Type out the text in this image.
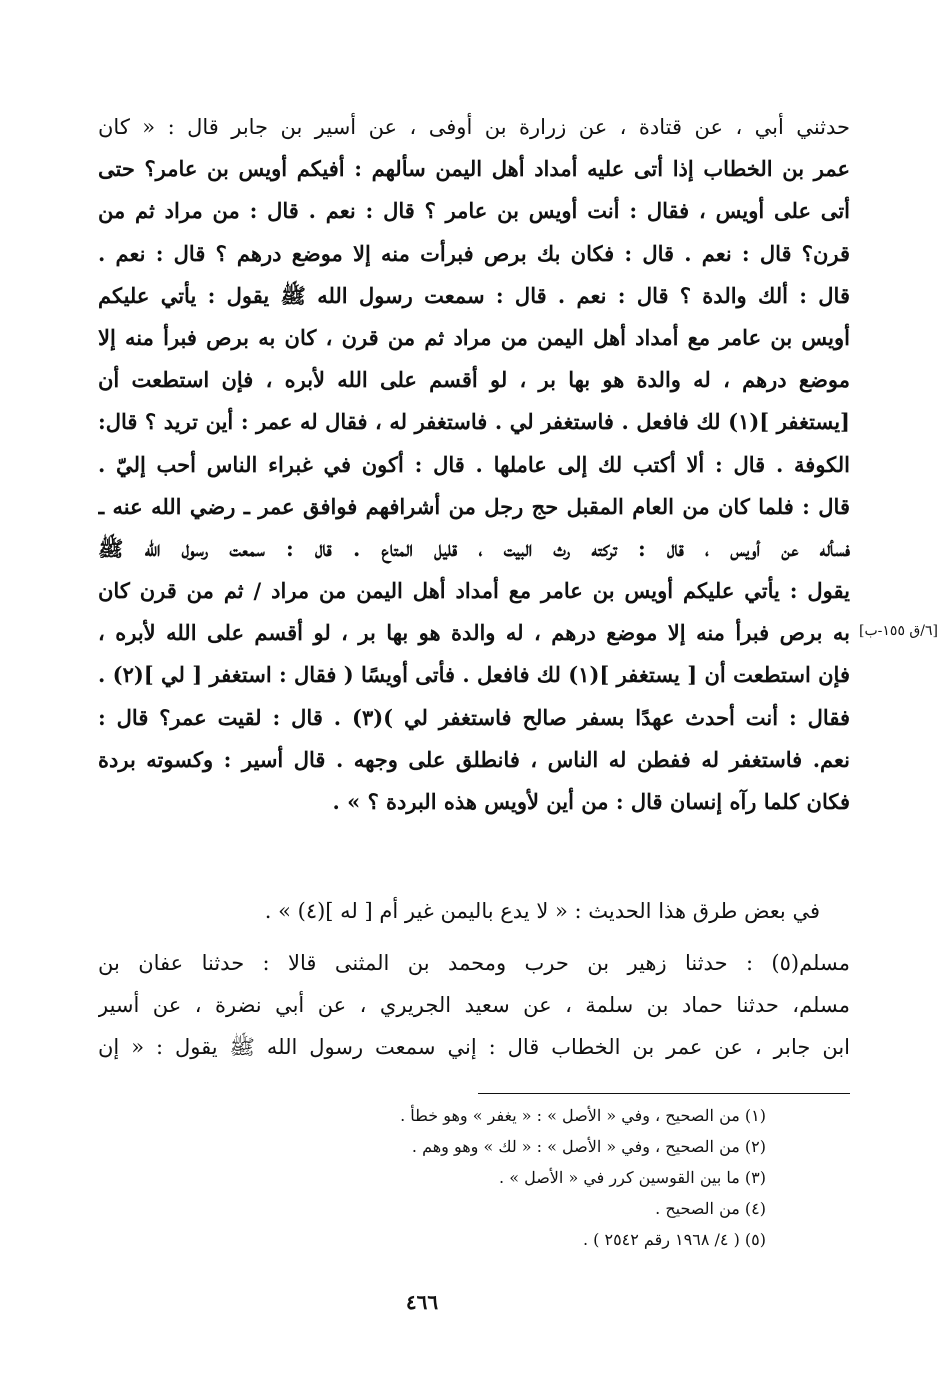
حدثني أبي ، عن قتادة ، عن زرارة بن أوفى ، عن أسير بن جابر قال : « كان
عمر بن الخطاب إذا أتى عليه أمداد أهل اليمن سألهم : أفيكم أويس بن عامر؟ حتى
أتى على أويس ، فقال : أنت أويس بن عامر ؟ قال : نعم . قال : من مراد ثم من
قرن؟ قال : نعم . قال : فكان بك برص فبرأت منه إلا موضع درهم ؟ قال : نعم .
قال : ألك والدة ؟ قال : نعم . قال : سمعت رسول الله ﷺ يقول : يأتي عليكم
أويس بن عامر مع أمداد أهل اليمن من مراد ثم من قرن ، كان به برص فبرأ منه إلا
موضع درهم ، له والدة هو بها بر ، لو أقسم على الله لأبره ، فإن استطعت أن
[يستغفر ](١) لك فافعل . فاستغفر لي . فاستغفر له ، فقال له عمر : أين تريد ؟ قال:
الكوفة . قال : ألا أكتب لك إلى عاملها . قال : أكون في غبراء الناس أحب إليّ .
قال : فلما كان من العام المقبل حج رجل من أشرافهم فوافق عمر ـ رضي الله عنه ـ
فسأله عن أويس ، قال : تركته رث البيت ، قليل المتاع . قال : سمعت رسول الله ﷺ
يقول : يأتي عليكم أويس بن عامر مع أمداد أهل اليمن من مراد / ثم من قرن كان
به برص فبرأ منه إلا موضع درهم ، له والدة هو بها بر ، لو أقسم على الله لأبره ،
فإن استطعت أن [ يستغفر ](١) لك فافعل . فأتى أويسًا ( فقال : استغفر [ لي ](٢) .
فقال : أنت أحدث عهدًا بسفر صالح فاستغفر لي )(٣) . قال : لقيت عمر؟ قال :
نعم. فاستغفر له ففطن له الناس ، فانطلق على وجهه . قال أسير : وكسوته بردة
فكان كلما رآه إنسان قال : من أين لأويس هذه البردة ؟ » .
[٦/ق ١٥٥-ب]
في بعض طرق هذا الحديث : « لا يدع باليمن غير أم [ له ](٤) » .
مسلم(٥) : حدثنا زهير بن حرب ومحمد بن المثنى قالا : حدثنا عفان بن
مسلم، حدثنا حماد بن سلمة ، عن سعيد الجريري ، عن أبي نضرة ، عن أسير
ابن جابر ، عن عمر بن الخطاب قال : إني سمعت رسول الله ﷺ يقول : « إن
(١) من الصحيح ، وفي « الأصل » : « يغفر » وهو خطأ .
(٢) من الصحيح ، وفي « الأصل » : « لك » وهو وهم .
(٣) ما بين القوسين كرر في « الأصل » .
(٤) من الصحيح .
(٥) ( ٤/ ١٩٦٨ رقم ٢٥٤٢ ) .
٤٦٦
